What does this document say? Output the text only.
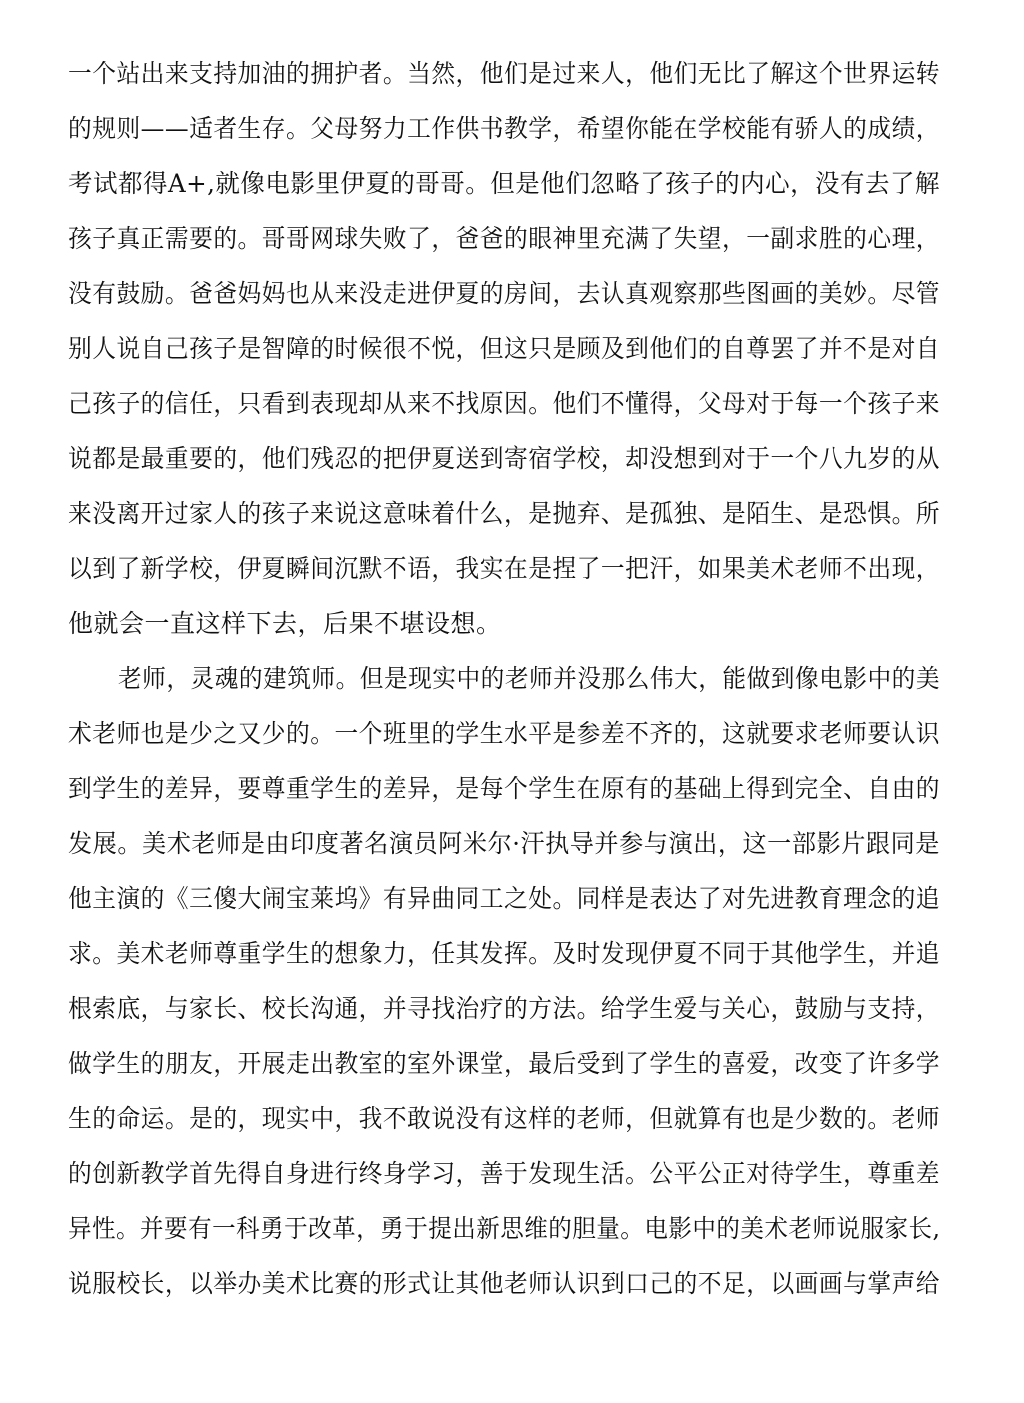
一个站出来支持加油的拥护者。当然，他们是过来人，他们无比了解这个世界运转
的规则——适者生存。父母努力工作供书教学，希望你能在学校能有骄人的成绩，
考试都得A+,就像电影里伊夏的哥哥。但是他们忽略了孩子的内心，没有去了解
孩子真正需要的。哥哥网球失败了，爸爸的眼神里充满了失望，一副求胜的心理，
没有鼓励。爸爸妈妈也从来没走进伊夏的房间，去认真观察那些图画的美妙。尽管
别人说自己孩子是智障的时候很不悦，但这只是顾及到他们的自尊罢了并不是对自
己孩子的信任，只看到表现却从来不找原因。他们不懂得，父母对于每一个孩子来
说都是最重要的，他们残忍的把伊夏送到寄宿学校，却没想到对于一个八九岁的从
来没离开过家人的孩子来说这意味着什么，是抛弃、是孤独、是陌生、是恐惧。所
以到了新学校，伊夏瞬间沉默不语，我实在是捏了一把汗，如果美术老师不出现，
他就会一直这样下去，后果不堪设想。
老师，灵魂的建筑师。但是现实中的老师并没那么伟大，能做到像电影中的美
术老师也是少之又少的。一个班里的学生水平是参差不齐的，这就要求老师要认识
到学生的差异，要尊重学生的差异，是每个学生在原有的基础上得到完全、自由的
发展。美术老师是由印度著名演员阿米尔·汗执导并参与演出，这一部影片跟同是
他主演的《三傻大闹宝莱坞》有异曲同工之处。同样是表达了对先进教育理念的追
求。美术老师尊重学生的想象力，任其发挥。及时发现伊夏不同于其他学生，并追
根索底，与家长、校长沟通，并寻找治疗的方法。给学生爱与关心，鼓励与支持，
做学生的朋友，开展走出教室的室外课堂，最后受到了学生的喜爱，改变了许多学
生的命运。是的，现实中，我不敢说没有这样的老师，但就算有也是少数的。老师
的创新教学首先得自身进行终身学习，善于发现生活。公平公正对待学生，尊重差
异性。并要有一科勇于改革，勇于提出新思维的胆量。电影中的美术老师说服家长,
说服校长，以举办美术比赛的形式让其他老师认识到口己的不足，以画画与掌声给
